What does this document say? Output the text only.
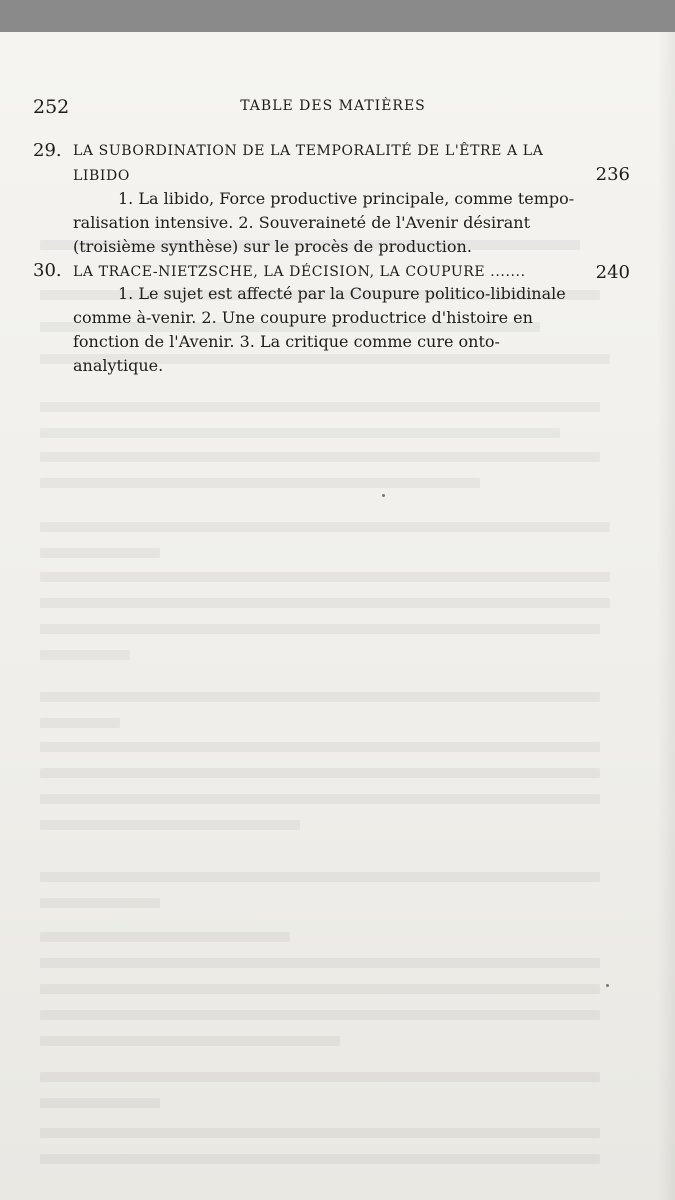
252	TABLE DES MATIÈRES
29. LA SUBORDINATION DE LA TEMPORALITÉ DE L'ÊTRE A LA
LIBIDO	236
1. La libido, Force productive principale, comme tempo-
ralisation intensive. 2. Souveraineté de l'Avenir désirant
(troisième synthèse) sur le procès de production.
30. LA TRACE-NIETZSCHE, LA DÉCISION, LA COUPURE .......	240
1. Le sujet est affecté par la Coupure politico-libidinale
comme à-venir. 2. Une coupure productrice d'histoire en
fonction de l'Avenir. 3. La critique comme cure onto-
analytique.
